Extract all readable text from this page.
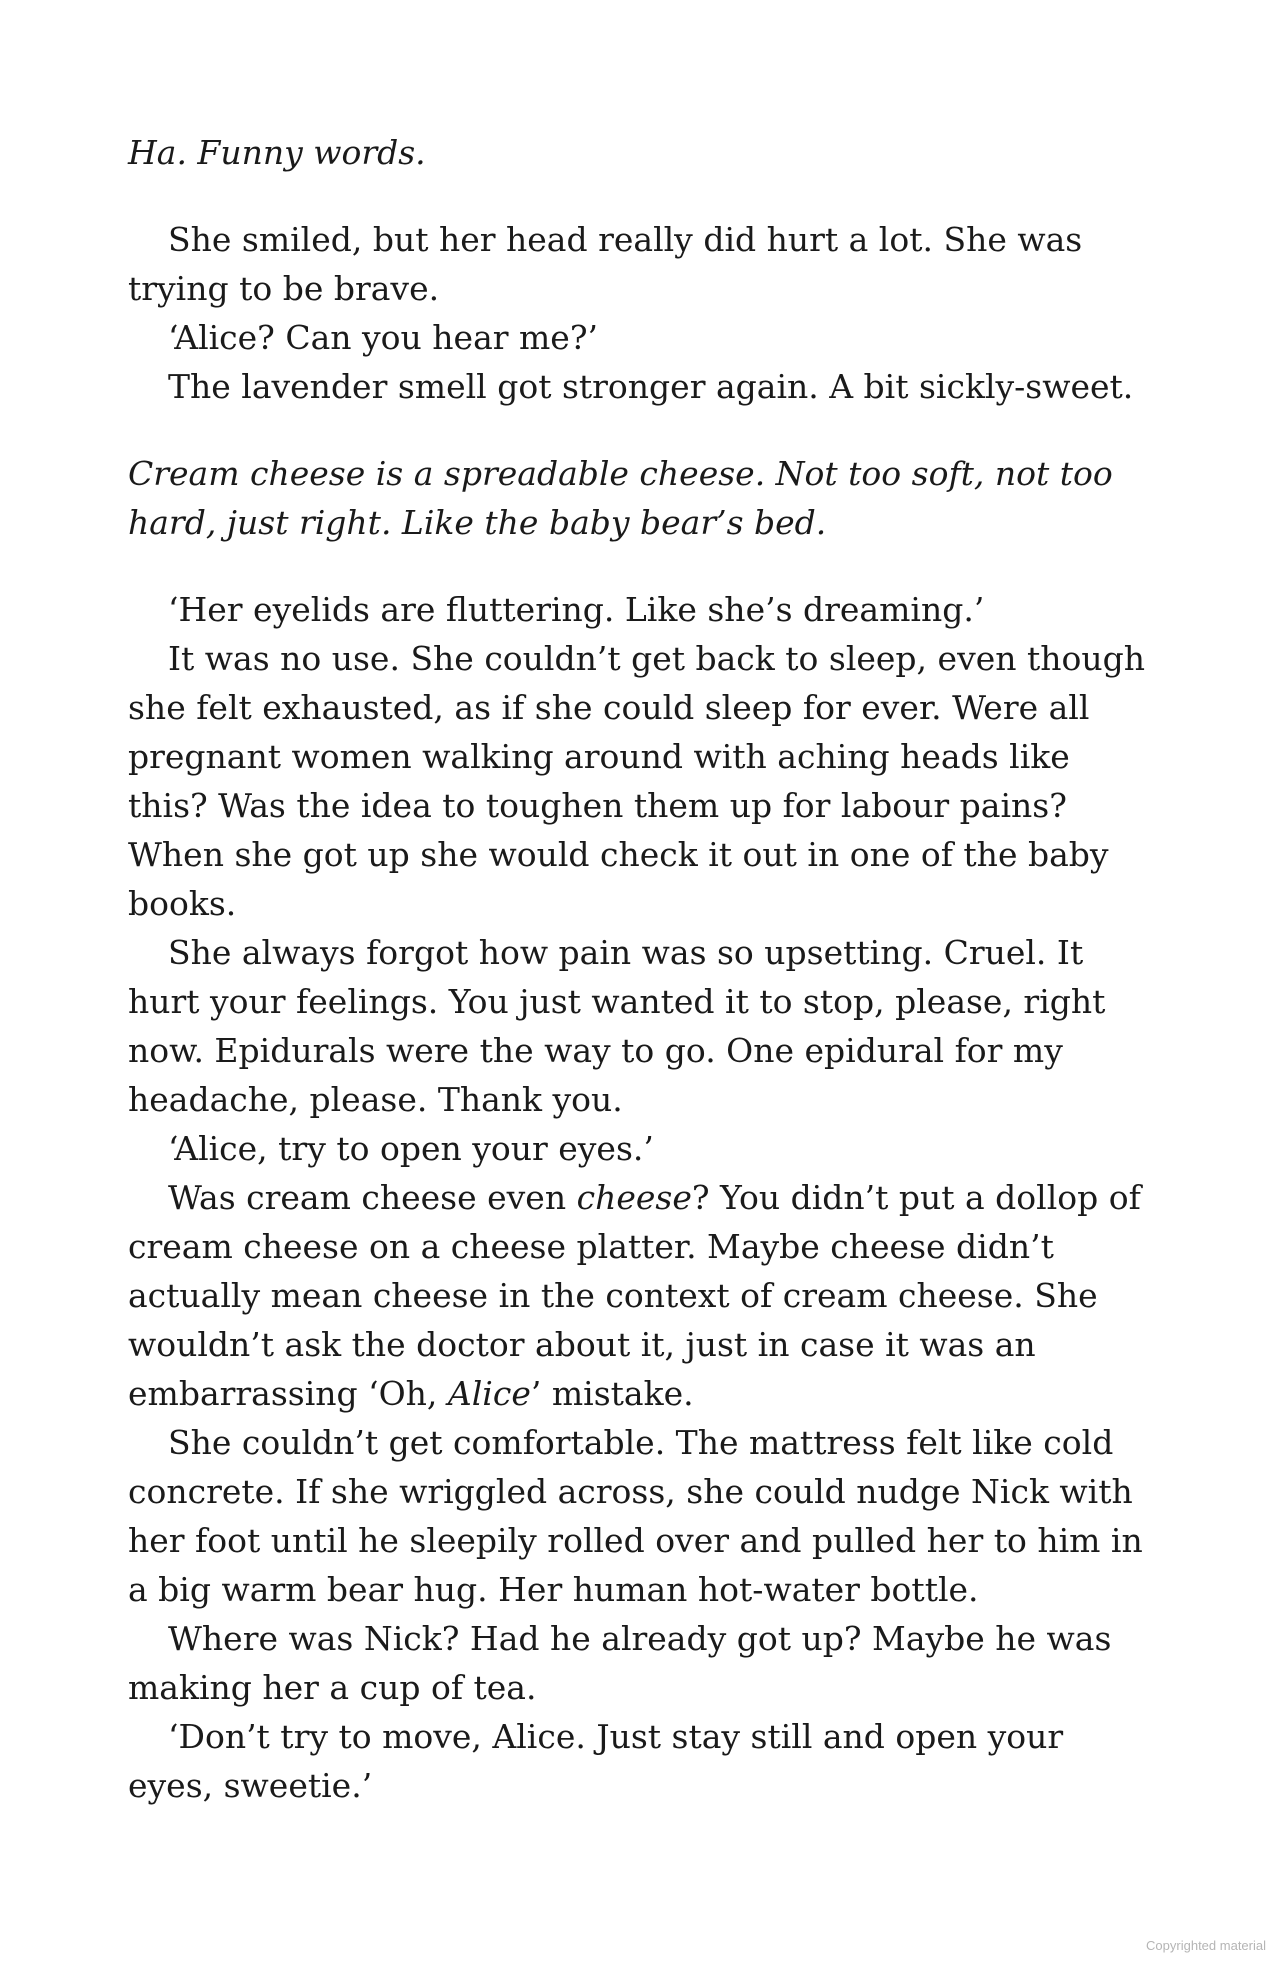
Ha. Funny words.

She smiled, but her head really did hurt a lot. She was trying to be brave.

‘Alice? Can you hear me?’

The lavender smell got stronger again. A bit sickly-sweet.

Cream cheese is a spreadable cheese. Not too soft, not too hard, just right. Like the baby bear’s bed.

‘Her eyelids are fluttering. Like she’s dreaming.’

It was no use. She couldn’t get back to sleep, even though she felt exhausted, as if she could sleep for ever. Were all pregnant women walking around with aching heads like this? Was the idea to toughen them up for labour pains? When she got up she would check it out in one of the baby books.

She always forgot how pain was so upsetting. Cruel. It hurt your feelings. You just wanted it to stop, please, right now. Epidurals were the way to go. One epidural for my headache, please. Thank you.

‘Alice, try to open your eyes.’

Was cream cheese even cheese? You didn’t put a dollop of cream cheese on a cheese platter. Maybe cheese didn’t actually mean cheese in the context of cream cheese. She wouldn’t ask the doctor about it, just in case it was an embarrassing ‘Oh, Alice’ mistake.

She couldn’t get comfortable. The mattress felt like cold concrete. If she wriggled across, she could nudge Nick with her foot until he sleepily rolled over and pulled her to him in a big warm bear hug. Her human hot-water bottle.

Where was Nick? Had he already got up? Maybe he was making her a cup of tea.

‘Don’t try to move, Alice. Just stay still and open your eyes, sweetie.’

Copyrighted material
